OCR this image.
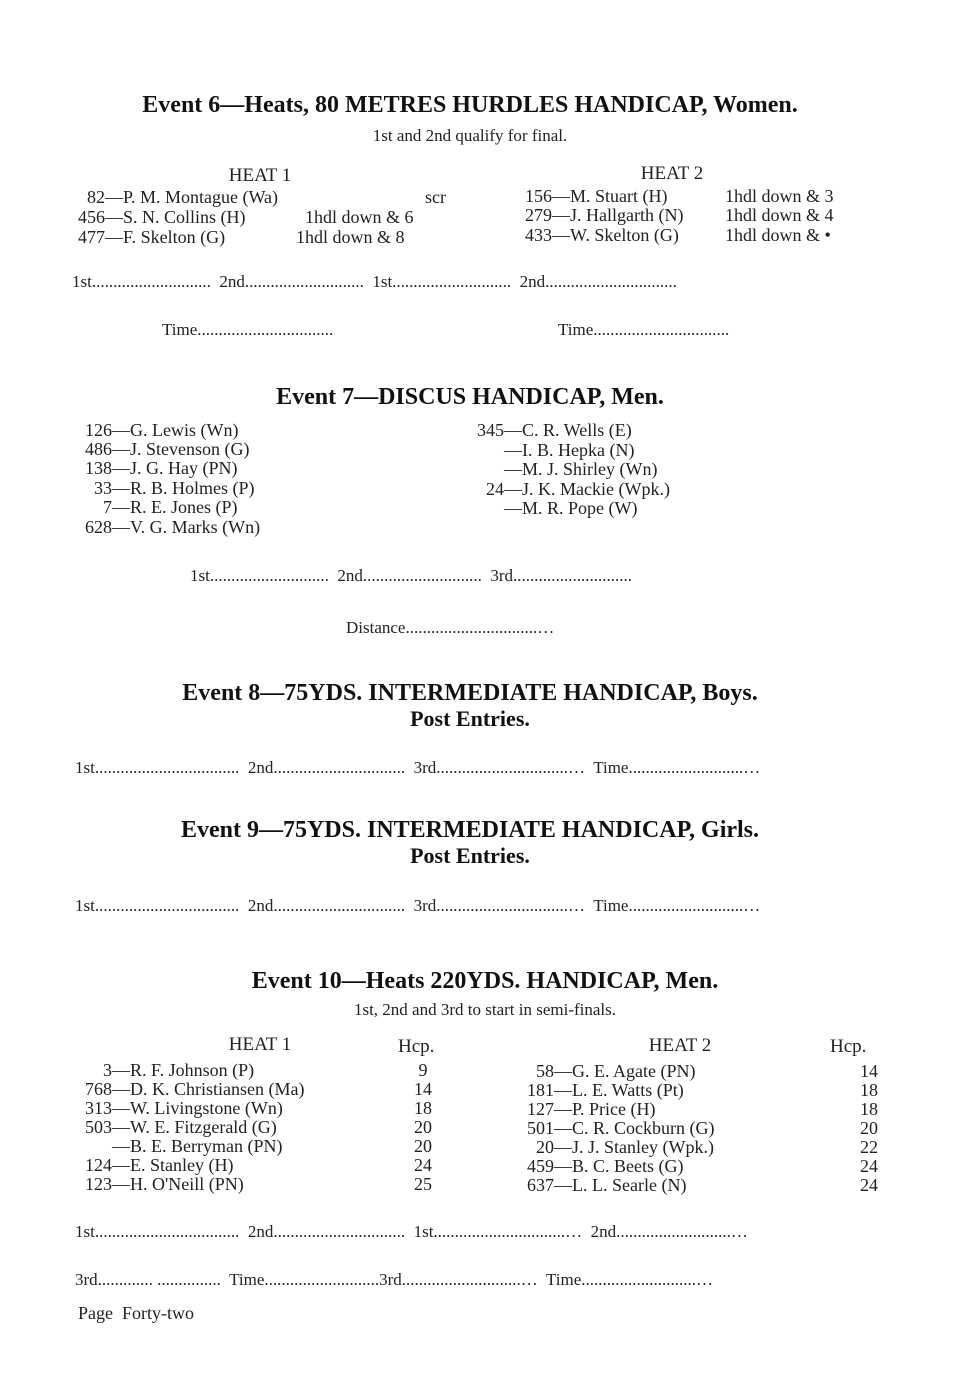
Event 6—Heats, 80 METRES HURDLES HANDICAP, Women.
1st and 2nd qualify for final.
HEAT 1	HEAT 2
82— P. M. Montague (Wa)	scr
456— S. N. Collins (H)	1hdl down & 6
477— F. Skelton (G)	1hdl down & 8
156— M. Stuart (H)	1hdl down & 3
279— J. Hallgarth (N) 1hdl down & 4
433— W. Skelton (G)	1hdl down & •
1st............................  2nd............................  1st............................  2nd...............................
Time................................	Time................................
Event 7—DISCUS HANDICAP, Men.
126— G. Lewis (Wn)
486— J. Stevenson (G)
138— J. G. Hay (PN)
33— R. B. Holmes (P)
7— R. E. Jones (P)
628— V. G. Marks (Wn)
345— C. R. Wells (E)
— I. B. Hepka (N)
— M. J. Shirley (Wn)
24— J. K. Mackie (Wpk.)
— M. R. Pope (W)
1st............................  2nd............................  3rd............................
Distance...............................…
Event 8—75YDS. INTERMEDIATE HANDICAP, Boys.
Post Entries.
1st..................................  2nd...............................  3rd...............................…  Time...........................…
Event 9—75YDS. INTERMEDIATE HANDICAP, Girls.
Post Entries.
1st..................................  2nd...............................  3rd...............................…  Time...........................…
Event 10—Heats 220YDS. HANDICAP, Men.
1st, 2nd and 3rd to start in semi-finals.
HEAT 1	Hcp.	HEAT 2	Hcp.
3— R. F. Johnson (P)	9
768— D. K. Christiansen (Ma)	14
313— W. Livingstone (Wn)	18
503— W. E. Fitzgerald (G)	20
— B. E. Berryman (PN)	20
124— E. Stanley (H)	24
123— H. O'Neill (PN)	25
58— G. E. Agate (PN)	14
181— L. E. Watts (Pt)	18
127— P. Price (H)	18
501— C. R. Cockburn (G)	20
20— J. J. Stanley (Wpk.)	22
459— B. C. Beets (G)	24
637— L. L. Searle (N)	24
1st..................................  2nd...............................  1st...............................…  2nd...........................…
3rd............. ...............  Time...........................3rd............................…  Time...........................…
Page  Forty-two
